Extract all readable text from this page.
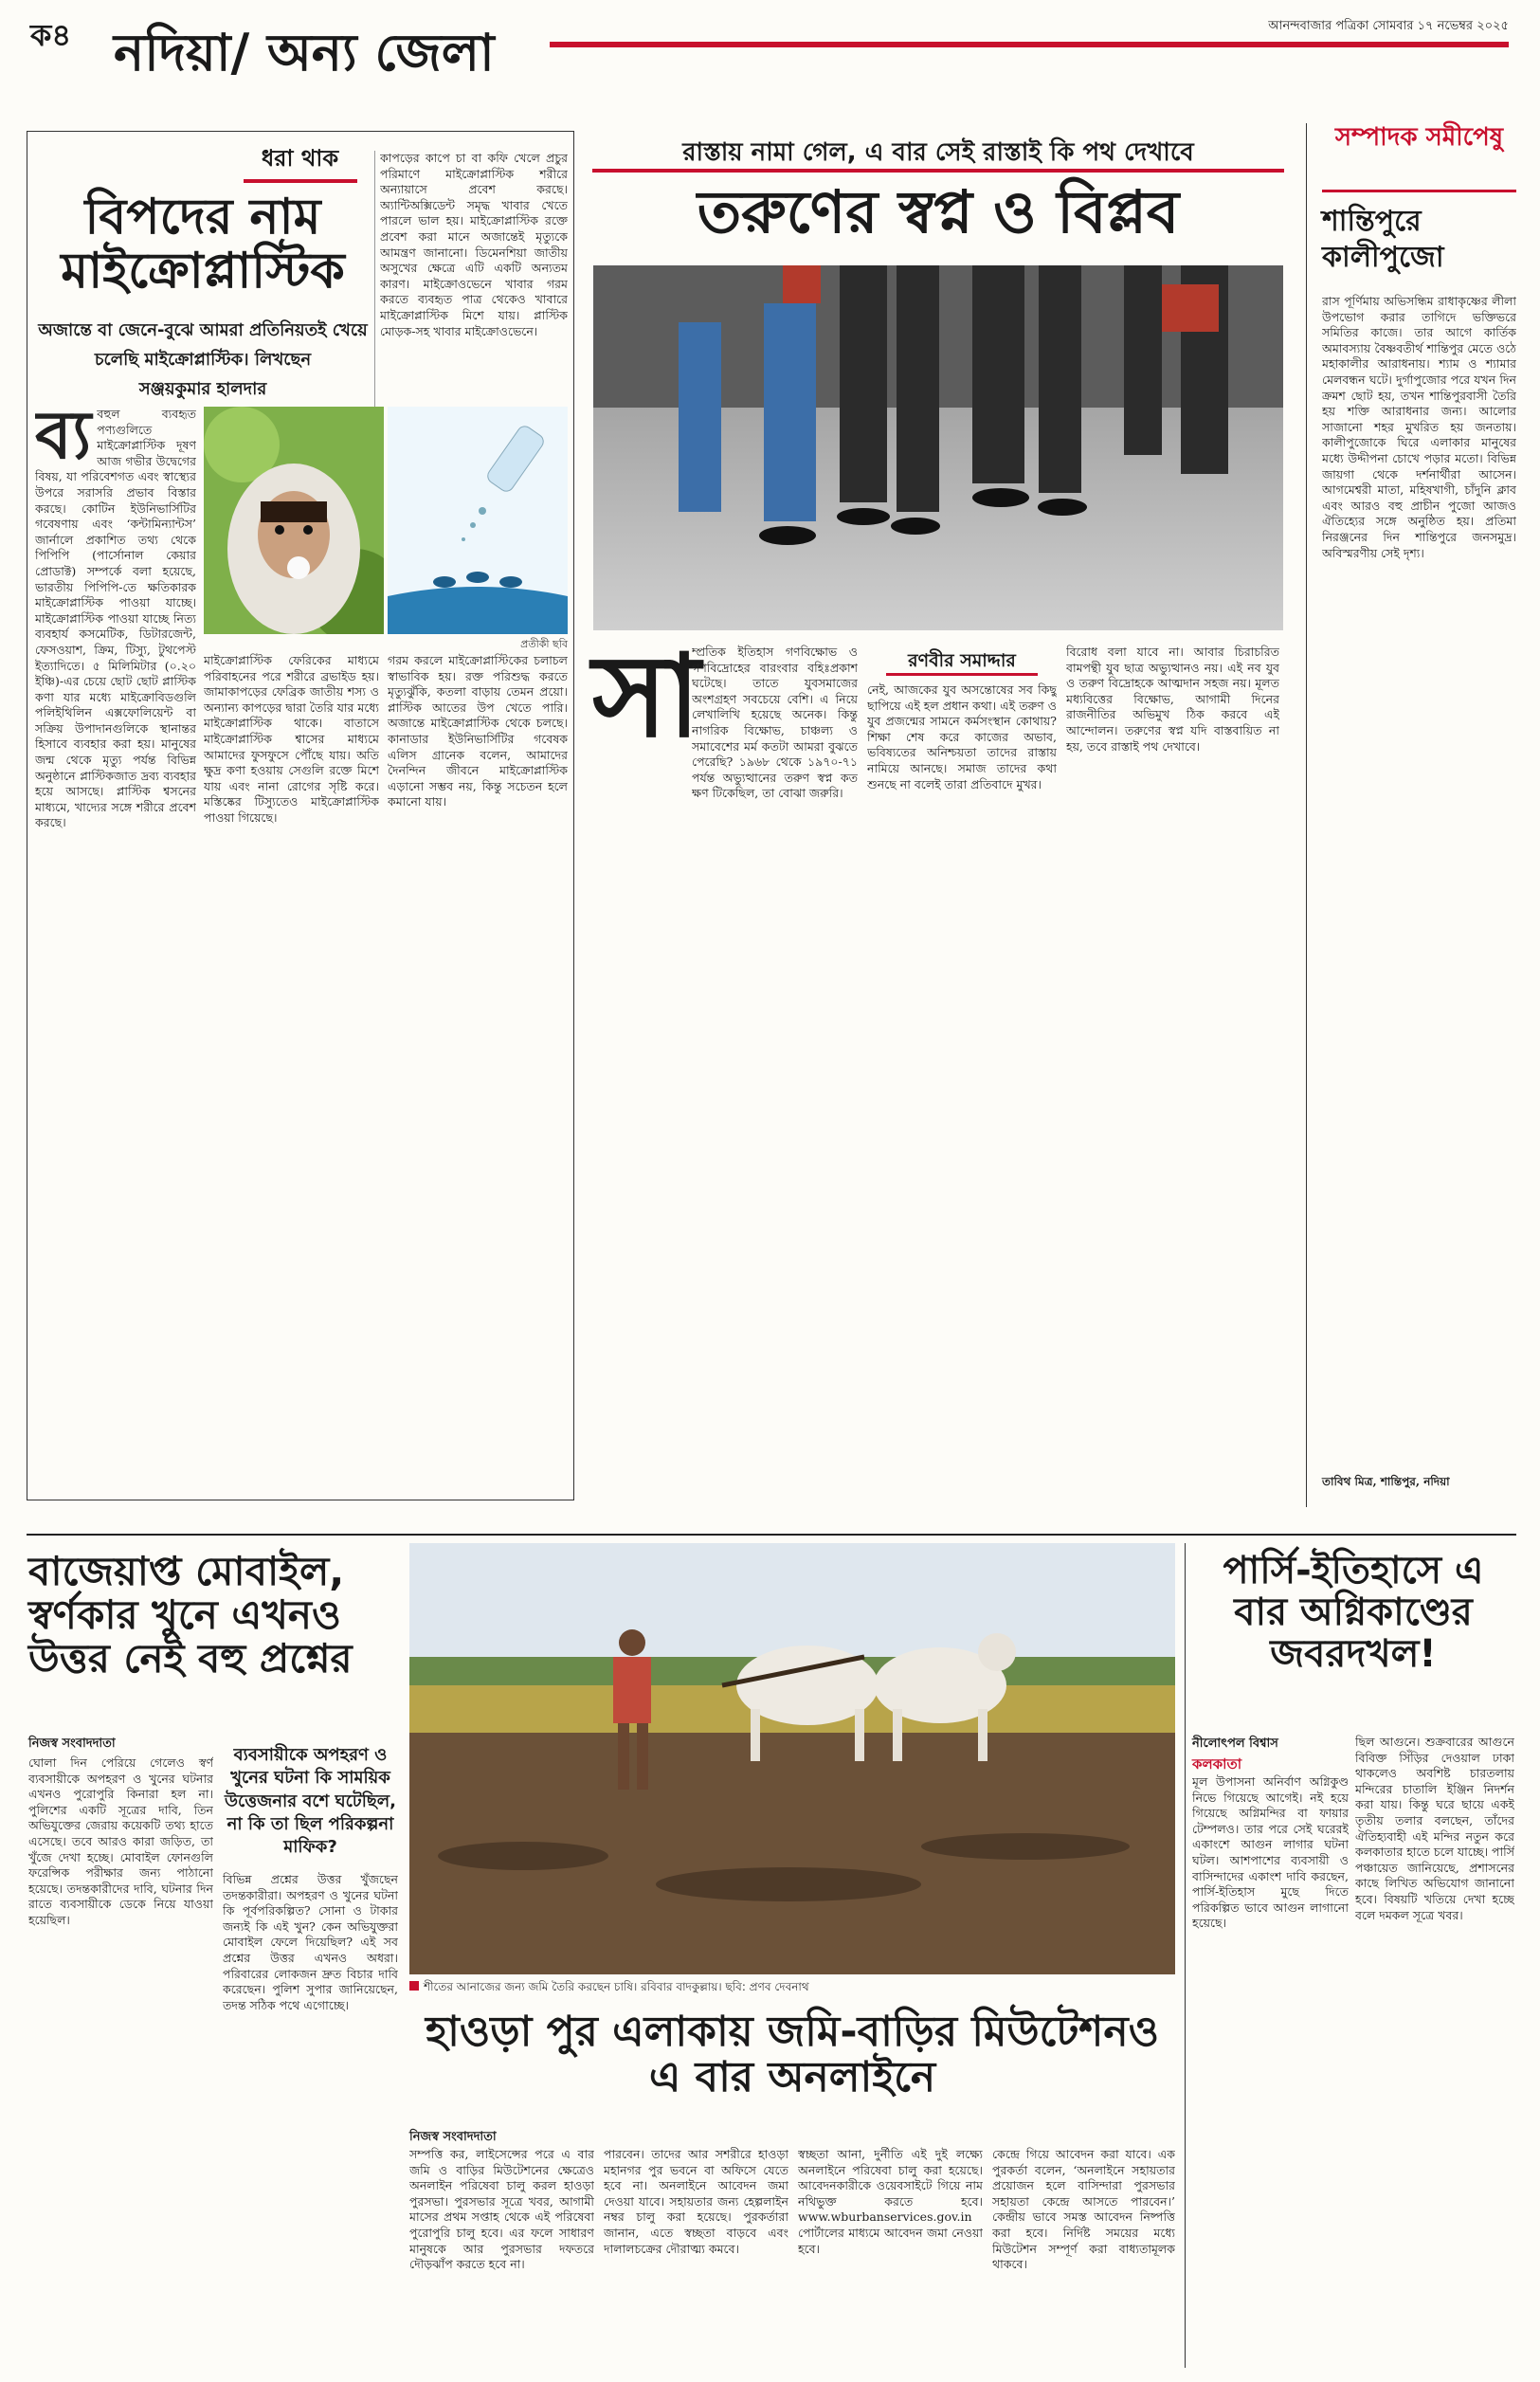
ক৪ নদিয়া/ অন্য জেলা	আনন্দবাজার পত্রিকা সোমবার ১৭ নভেম্বর ২০২৫
ধরা থাক
বিপদের নাম মাইক্রোপ্লাস্টিক
অজান্তে বা জেনে-বুঝে আমরা প্রতিনিয়তই খেয়ে চলেছি মাইক্রোপ্লাস্টিক। লিখছেন
সঞ্জয়কুমার হালদার
কাপড়ের কাপে চা বা কফি খেলে প্রচুর পরিমাণে মাইক্রোপ্লাস্টিক শরীরে অন্যায়াসে প্রবেশ করছে। অ্যান্টিঅক্সিডেন্ট সমৃদ্ধ খাবার খেতে পারলে ভাল হয়। মাইক্রোপ্লাস্টিক রক্তে প্রবেশ করা মানে অজান্তেই মৃত্যুকে আমন্ত্রণ জানানো। ডিমেনশিয়া জাতীয় অসুখের ক্ষেত্রে এটি একটি অন্যতম কারণ। মাইক্রোওভেনে খাবার গরম করতে ব্যবহৃত পাত্র থেকেও খাবারে মাইক্রোপ্লাস্টিক মিশে যায়। প্লাস্টিক মোড়ক-সহ খাবার মাইক্রোওভেনে।
ব্য বহুল ব্যবহৃত পণ্যগুলিতে মাইক্রোপ্লাস্টিক দূষণ আজ গভীর উদ্বেগের বিষয়, যা পরিবেশগত এবং স্বাস্থ্যের উপরে সরাসরি প্রভাব বিস্তার করছে। কোটিন ইউনিভার্সিটির গবেষণায় এবং ‘কন্টামিন্যান্টস’ জার্নালে প্রকাশিত তথ্য থেকে পিপিপি (পার্সোনাল কেয়ার প্রোডাক্ট) সম্পর্কে বলা হয়েছে, ভারতীয় পিপিপি-তে ক্ষতিকারক মাইক্রোপ্লাস্টিক পাওয়া যাচ্ছে। মাইক্রোপ্লাস্টিক পাওয়া যাচ্ছে নিত্য ব্যবহার্য কসমেটিক, ডিটারজেন্ট, ফেসওয়াশ, ক্রিম, টিস্যু, টুথপেস্ট ইত্যাদিতে। ৫ মিলিমিটার (০.২০ ইঞ্চি)-এর চেয়ে ছোট ছোট প্লাস্টিক কণা যার মধ্যে মাইক্রোবিডগুলি পলিইথিলিন এক্সফোলিয়েন্ট বা সক্রিয় উপাদানগুলিকে স্থানান্তর হিসাবে ব্যবহার করা হয়। মানুষের জন্ম থেকে মৃত্যু পর্যন্ত বিভিন্ন অনুষ্ঠানে প্লাস্টিকজাত দ্রব্য ব্যবহার হয়ে আসছে। প্লাস্টিক শ্বসনের মাধ্যমে, খাদ্যের সঙ্গে শরীরে প্রবেশ করছে।
প্রতীকী ছবি
মাইক্রোপ্লাস্টিক ফেরিকের মাধ্যমে পরিবাহনের পরে শরীরে ব্রভাইড হয়। জামাকাপড়ের ফেব্রিক জাতীয় শস্য ও অন্যান্য কাপড়ের দ্বারা তৈরি যার মধ্যে মাইক্রোপ্লাস্টিক থাকে। বাতাসে মাইক্রোপ্লাস্টিক শ্বাসের মাধ্যমে আমাদের ফুসফুসে পৌঁছে যায়। অতি ক্ষুদ্র কণা হওয়ায় সেগুলি রক্তে মিশে যায় এবং নানা রোগের সৃষ্টি করে। মস্তিষ্কের টিস্যুতেও মাইক্রোপ্লাস্টিক পাওয়া গিয়েছে।
গরম করলে মাইক্রোপ্লাস্টিকের চলাচল স্বাভাবিক হয়। রক্ত পরিশুদ্ধ করতে মৃত্যুঝুঁকি, কতলা বাড়ায় তেমন প্রয়ো। প্লাস্টিক আতের উপ খেতে পারি। অজান্তে মাইক্রোপ্লাস্টিক থেকে চলছে। কানাডার ইউনিভার্সিটির গবেষক এলিস গ্রানেক বলেন, আমাদের দৈনন্দিন জীবনে মাইক্রোপ্লাস্টিক এড়ানো সম্ভব নয়, কিন্তু সচেতন হলে কমানো যায়।
রাস্তায় নামা গেল, এ বার সেই রাস্তাই কি পথ দেখাবে
তরুণের স্বপ্ন ও বিপ্লব
সা
ম্প্রতিক ইতিহাস গণবিক্ষোভ ও গণবিদ্রোহের বারংবার বহিঃপ্রকাশ ঘটেছে। তাতে যুবসমাজের অংশগ্রহণ সবচেয়ে বেশি। এ নিয়ে লেখালিখি হয়েছে অনেক। কিন্তু নাগরিক বিক্ষোভ, চাঞ্চল্য ও সমাবেশের মর্ম কতটা আমরা বুঝতে পেরেছি? ১৯৬৮ থেকে ১৯৭০-৭১ পর্যন্ত অভ্যুত্থানের তরুণ স্বপ্ন কত ক্ষণ টিকেছিল, তা বোঝা জরুরি।
রণবীর সমাদ্দার
নেই, আজকের যুব অসন্তোষের সব কিছু ছাপিয়ে এই হল প্রধান কথা। এই তরুণ ও যুব প্রজন্মের সামনে কর্মসংস্থান কোথায়? শিক্ষা শেষ করে কাজের অভাব, ভবিষ্যতের অনিশ্চয়তা তাদের রাস্তায় নামিয়ে আনছে। সমাজ তাদের কথা শুনছে না বলেই তারা প্রতিবাদে মুখর।
বিরোধ বলা যাবে না। আবার চিরাচরিত বামপন্থী যুব ছাত্র অভ্যুত্থানও নয়। এই নব যুব ও তরুণ বিদ্রোহকে আত্মদান সহজ নয়। মূলত মধ্যবিত্তের বিক্ষোভ, আগামী দিনের রাজনীতির অভিমুখ ঠিক করবে এই আন্দোলন। তরুণের স্বপ্ন যদি বাস্তবায়িত না হয়, তবে রাস্তাই পথ দেখাবে।
সম্পাদক সমীপেষু
শান্তিপুরে কালীপুজো
রাস পূর্ণিমায় অভিসন্ধিম রাধাকৃষ্ণের লীলা উপভোগ করার তাগিদে ভক্তিভরে সমিতির কাজে। তার আগে কার্তিক অমাবস্যায় বৈষ্ণবতীর্থ শান্তিপুর মেতে ওঠে মহাকালীর আরাধনায়। শ্যাম ও শ্যামার মেলবন্ধন ঘটে। দুর্গাপুজোর পরে যখন দিন ক্রমশ ছোট হয়, তখন শান্তিপুরবাসী তৈরি হয় শক্তি আরাধনার জন্য। আলোর সাজানো শহর মুখরিত হয় জনতায়। কালীপুজোকে ঘিরে এলাকার মানুষের মধ্যে উদ্দীপনা চোখে পড়ার মতো। বিভিন্ন জায়গা থেকে দর্শনার্থীরা আসেন। আগমেশ্বরী মাতা, মহিষখাগী, চাঁদুনি ক্লাব এবং আরও বহু প্রাচীন পুজো আজও ঐতিহ্যের সঙ্গে অনুষ্ঠিত হয়। প্রতিমা নিরঞ্জনের দিন শান্তিপুরে জনসমুদ্র। অবিস্মরণীয় সেই দৃশ্য।
তাবিথ মিত্র, শান্তিপুর, নদিয়া
বাজেয়াপ্ত মোবাইল, স্বর্ণকার খুনে এখনও উত্তর নেই বহু প্রশ্নের
নিজস্ব সংবাদদাতা
ঘোলা দিন পেরিয়ে গেলেও স্বর্ণ ব্যবসায়ীকে অপহরণ ও খুনের ঘটনার এখনও পুরোপুরি কিনারা হল না। পুলিশের একটি সূত্রের দাবি, তিন অভিযুক্তের জেরায় কয়েকটি তথ্য হাতে এসেছে। তবে আরও কারা জড়িত, তা খুঁজে দেখা হচ্ছে। মোবাইল ফোনগুলি ফরেন্সিক পরীক্ষার জন্য পাঠানো হয়েছে। তদন্তকারীদের দাবি, ঘটনার দিন রাতে ব্যবসায়ীকে ডেকে নিয়ে যাওয়া হয়েছিল।
ব্যবসায়ীকে অপহরণ ও খুনের ঘটনা কি সাময়িক উত্তেজনার বশে ঘটেছিল, না কি তা ছিল পরিকল্পনা মাফিক?
বিভিন্ন প্রশ্নের উত্তর খুঁজছেন তদন্তকারীরা। অপহরণ ও খুনের ঘটনা কি পূর্বপরিকল্পিত? সোনা ও টাকার জন্যই কি এই খুন? কেন অভিযুক্তরা মোবাইল ফেলে দিয়েছিল? এই সব প্রশ্নের উত্তর এখনও অধরা। পরিবারের লোকজন দ্রুত বিচার দাবি করেছেন। পুলিশ সুপার জানিয়েছেন, তদন্ত সঠিক পথে এগোচ্ছে।
শীতের আনাজের জন্য জমি তৈরি করছেন চাষি। রবিবার বাদকুল্লায়। ছবি: প্রণব দেবনাথ
হাওড়া পুর এলাকায় জমি-বাড়ির মিউটেশনও এ বার অনলাইনে
নিজস্ব সংবাদদাতা
সম্পত্তি কর, লাইসেন্সের পরে এ বার জমি ও বাড়ির মিউটেশনের ক্ষেত্রেও অনলাইন পরিষেবা চালু করল হাওড়া পুরসভা। পুরসভার সূত্রে খবর, আগামী মাসের প্রথম সপ্তাহ থেকে এই পরিষেবা পুরোপুরি চালু হবে। এর ফলে সাধারণ মানুষকে আর পুরসভার দফতরে দৌড়ঝাঁপ করতে হবে না।
পারবেন। তাদের আর সশরীরে হাওড়া মহানগর পুর ভবনে বা অফিসে যেতে হবে না। অনলাইনে আবেদন জমা দেওয়া যাবে। সহায়তার জন্য হেল্পলাইন নম্বর চালু করা হয়েছে। পুরকর্তারা জানান, এতে স্বচ্ছতা বাড়বে এবং দালালচক্রের দৌরাত্ম্য কমবে।
স্বচ্ছতা আনা, দুর্নীতি এই দুই লক্ষ্যে অনলাইনে পরিষেবা চালু করা হয়েছে। আবেদনকারীকে ওয়েবসাইটে গিয়ে নাম নথিভুক্ত করতে হবে। www.wburbanservices.gov.in পোর্টালের মাধ্যমে আবেদন জমা নেওয়া হবে।
কেন্দ্রে গিয়ে আবেদন করা যাবে। এক পুরকর্তা বলেন, ‘অনলাইনে সহায়তার প্রয়োজন হলে বাসিন্দারা পুরসভার সহায়তা কেন্দ্রে আসতে পারবেন।’ কেন্দ্রীয় ভাবে সমস্ত আবেদন নিষ্পত্তি করা হবে। নির্দিষ্ট সময়ের মধ্যে মিউটেশন সম্পূর্ণ করা বাধ্যতামূলক থাকবে।
পার্সি-ইতিহাসে এ বার অগ্নিকাণ্ডের জবরদখল!
নীলোৎপল বিশ্বাস
কলকাতা
মূল উপাসনা অনির্বাণ অগ্নিকুণ্ড নিভে গিয়েছে আগেই। নই হয়ে গিয়েছে অগ্নিমন্দির বা ফায়ার টেম্পলও। তার পরে সেই ঘরেরই একাংশে আগুন লাগার ঘটনা ঘটল। আশপাশের ব্যবসায়ী ও বাসিন্দাদের একাংশ দাবি করছেন, পার্সি-ইতিহাস মুছে দিতে পরিকল্পিত ভাবে আগুন লাগানো হয়েছে।
ছিল আগুনে। শুক্রবারের আগুনে বিবিক্ত সিঁড়ির দেওয়াল ঢাকা থাকলেও অবশিষ্ট চারতলায় মন্দিরের চাতালি ইঞ্জিন নিদর্শন করা যায়। কিন্তু ঘরে ছায়ে একই তৃতীয় তলার বলছেন, তাঁদের ঐতিহ্যবাহী এই মন্দির নতুন করে কলকাতার হাতে চলে যাচ্ছে। পার্সি পঞ্চায়েত জানিয়েছে, প্রশাসনের কাছে লিখিত অভিযোগ জানানো হবে। বিষয়টি খতিয়ে দেখা হচ্ছে বলে দমকল সূত্রে খবর।
